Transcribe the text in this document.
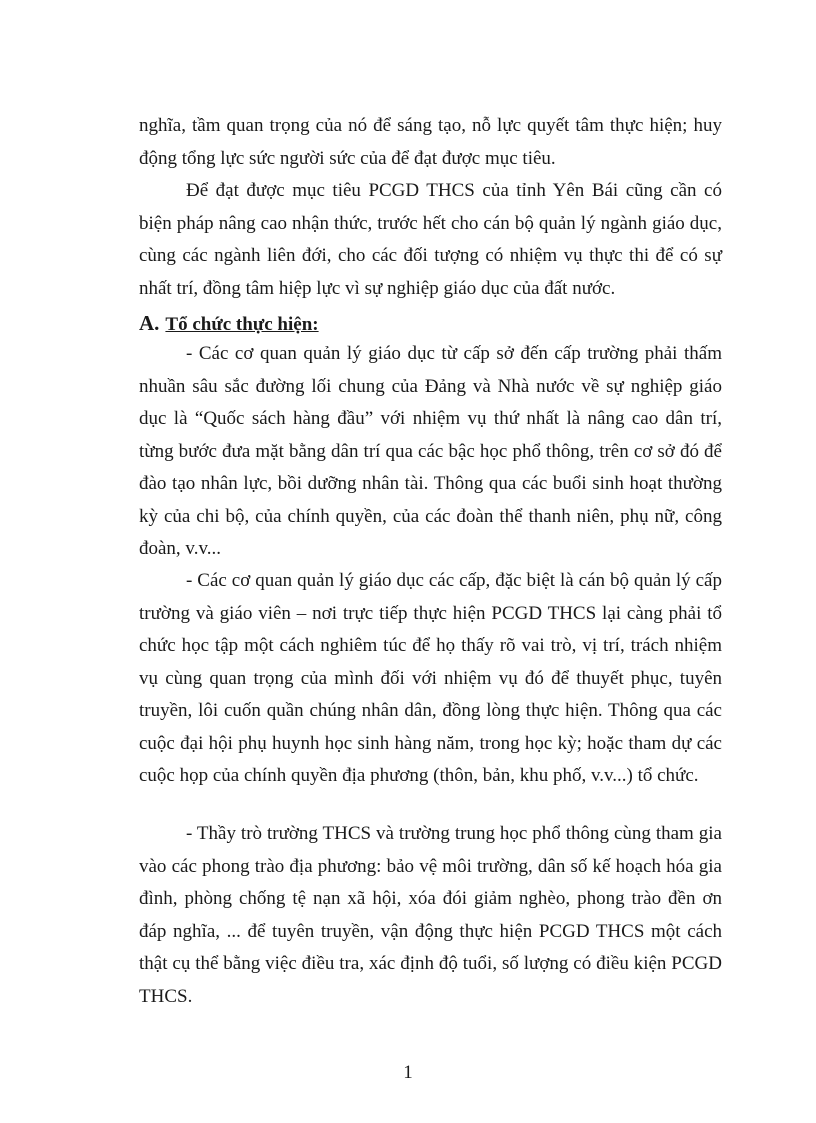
nghĩa, tầm quan trọng của nó để sáng tạo, nỗ lực quyết tâm thực hiện; huy động tổng lực sức người sức của để đạt được mục tiêu.

Để đạt được mục tiêu PCGD THCS của tỉnh Yên Bái cũng cần có biện pháp nâng cao nhận thức, trước hết cho cán bộ quản lý ngành giáo dục, cùng các ngành liên đới, cho các đối tượng có nhiệm vụ thực thi để có sự nhất trí, đồng tâm hiệp lực vì sự nghiệp giáo dục của đất nước.

A. Tổ chức thực hiện:

- Các cơ quan quản lý giáo dục từ cấp sở đến cấp trường phải thấm nhuần sâu sắc đường lối chung của Đảng và Nhà nước về sự nghiệp giáo dục là “Quốc sách hàng đầu” với nhiệm vụ thứ nhất là nâng cao dân trí, từng bước đưa mặt bằng dân trí qua các bậc học phổ thông, trên cơ sở đó để đào tạo nhân lực, bồi dưỡng nhân tài. Thông qua các buổi sinh hoạt thường kỳ của chi bộ, của chính quyền, của các đoàn thể thanh niên, phụ nữ, công đoàn, v.v...

- Các cơ quan quản lý giáo dục các cấp, đặc biệt là cán bộ quản lý cấp trường và giáo viên – nơi trực tiếp thực hiện PCGD THCS lại càng phải tổ chức học tập một cách nghiêm túc để họ thấy rõ vai trò, vị trí, trách nhiệm vụ cùng quan trọng của mình đối với nhiệm vụ đó để thuyết phục, tuyên truyền, lôi cuốn quần chúng nhân dân, đồng lòng thực hiện. Thông qua các cuộc đại hội phụ huynh học sinh hàng năm, trong học kỳ; hoặc tham dự các cuộc họp của chính quyền địa phương (thôn, bản, khu phố, v.v...) tổ chức.

- Thầy trò trường THCS và trường trung học phổ thông cùng tham gia vào các phong trào địa phương: bảo vệ môi trường, dân số kế hoạch hóa gia đình, phòng chống tệ nạn xã hội, xóa đói giảm nghèo, phong trào đền ơn đáp nghĩa, ... để tuyên truyền, vận động thực hiện PCGD THCS một cách thật cụ thể bằng việc điều tra, xác định độ tuổi, số lượng có điều kiện PCGD THCS.

1
